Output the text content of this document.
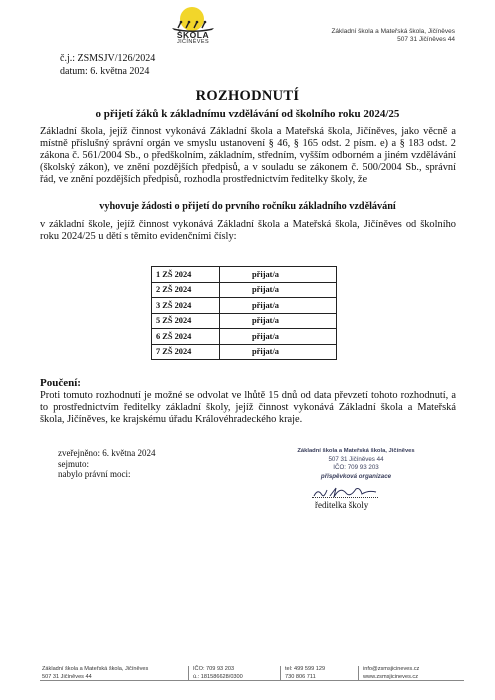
ŠKOLA
JIČÍNĚVES
Základní škola a Mateřská škola, Jičíněves
507 31 Jičíněves 44
č.j.: ZSMSJV/126/2024
datum: 6. května 2024
ROZHODNUTÍ
o přijetí žáků k základnímu vzdělávání od školního roku 2024/25
Základní škola, jejíž činnost vykonává Základní škola a Mateřská škola, Jičíněves, jako věcně a místně příslušný správní orgán ve smyslu ustanovení § 46, § 165 odst. 2 písm. e) a § 183 odst. 2 zákona č. 561/2004 Sb., o předškolním, základním, středním, vyšším odborném a jiném vzdělávání (školský zákon), ve znění pozdějších předpisů, a v souladu se zákonem č. 500/2004 Sb., správní řád, ve znění pozdějších předpisů, rozhodla prostřednictvím ředitelky školy, že
vyhovuje žádosti o přijetí do prvního ročníku základního vzdělávání
v základní škole, jejíž činnost vykonává Základní škola a Mateřská škola, Jičíněves od školního roku 2024/25 u dětí s těmito evidenčními čísly:
1 ZŠ 2024	přijat/a
2 ZŠ 2024	přijat/a
3 ZŠ 2024	přijat/a
5 ZŠ 2024	přijat/a
6 ZŠ 2024	přijat/a
7 ZŠ 2024	přijat/a
Poučení:
Proti tomuto rozhodnutí je možné se odvolat ve lhůtě 15 dnů od data převzetí tohoto rozhodnutí, a to prostřednictvím ředitelky základní školy, jejíž činnost vykonává Základní škola a Mateřská škola, Jičíněves, ke krajskému úřadu Královéhradeckého kraje.
zveřejněno: 6. května 2024
sejmuto:
nabylo právní moci:
Základní škola a Mateřská škola, Jičíněves
507 31 Jičíněves 44
IČO: 709 93 203
příspěvková organizace
ředitelka školy
Základní škola a Mateřská škola, Jičíněves
507 31 Jičíněves 44
IČO: 709 93 203
ú.: 181586628/0300
tel: 499 599 129
730 806 711
info@zsmsjicineves.cz
www.zsmsjicineves.cz
